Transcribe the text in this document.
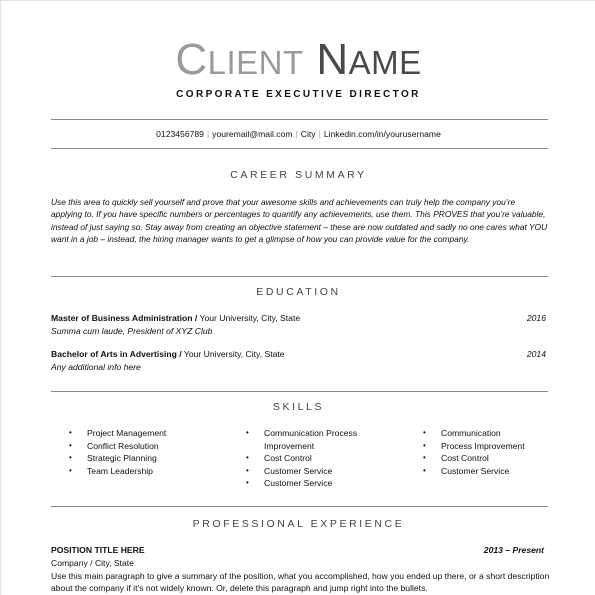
CLIENT NAME
CORPORATE EXECUTIVE DIRECTOR
0123456789 | youremail@mail.com | City | Linkedin.com/in/yourusername
CAREER SUMMARY
Use this area to quickly sell yourself and prove that your awesome skills and achievements can truly help the company you’re applying to. If you have specific numbers or percentages to quantify any achievements, use them. This PROVES that you’re valuable, instead of just saying so. Stay away from creating an objective statement – these are now outdated and sadly no one cares what YOU want in a job – instead, the hiring manager wants to get a glimpse of how you can provide value for the company.
EDUCATION
Master of Business Administration / Your University, City, State	2016
Summa cum laude, President of XYZ Club
Bachelor of Arts in Advertising / Your University, City, State	2014
Any additional info here
SKILLS
• Project Management
• Conflict Resolution
• Strategic Planning
• Team Leadership
• Communication Process Improvement
• Cost Control
• Customer Service
• Customer Service
• Communication
• Process Improvement
• Cost Control
• Customer Service
PROFESSIONAL EXPERIENCE
POSITION TITLE HERE	2013 – Present
Company / City, State
Use this main paragraph to give a summary of the position, what you accomplished, how you ended up there, or a short description about the company if it’s not widely known. Or, delete this paragraph and jump right into the bullets.
